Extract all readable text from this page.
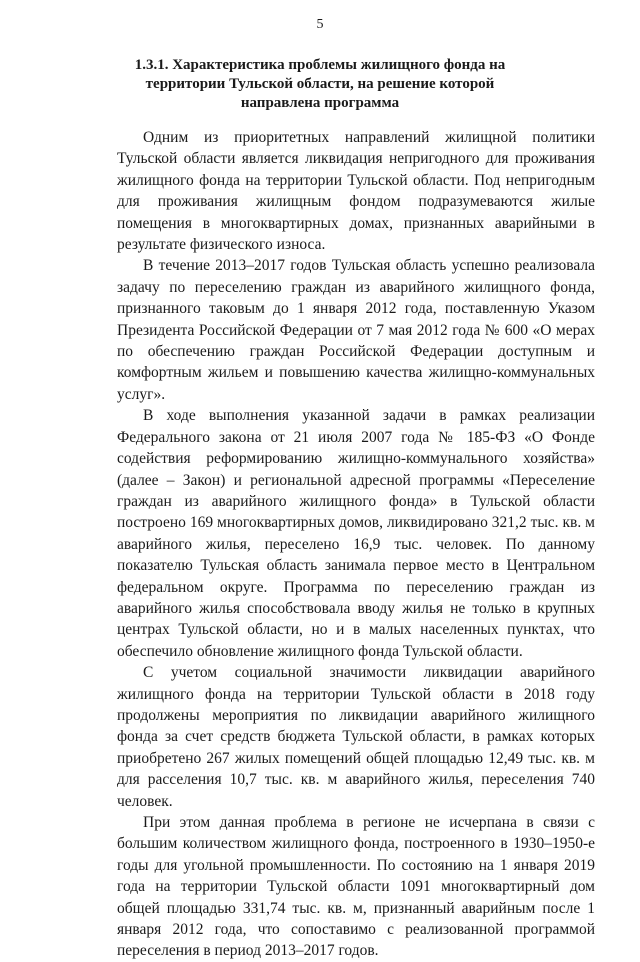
5
1.3.1. Характеристика проблемы жилищного фонда на территории Тульской области, на решение которой направлена программа

Одним из приоритетных направлений жилищной политики Тульской области является ликвидация непригодного для проживания жилищного фонда на территории Тульской области. Под непригодным для проживания жилищным фондом подразумеваются жилые помещения в многоквартирных домах, признанных аварийными в результате физического износа.

В течение 2013–2017 годов Тульская область успешно реализовала задачу по переселению граждан из аварийного жилищного фонда, признанного таковым до 1 января 2012 года, поставленную Указом Президента Российской Федерации от 7 мая 2012 года № 600 «О мерах по обеспечению граждан Российской Федерации доступным и комфортным жильем и повышению качества жилищно-коммунальных услуг».

В ходе выполнения указанной задачи в рамках реализации Федерального закона от 21 июля 2007 года № 185-ФЗ «О Фонде содействия реформированию жилищно-коммунального хозяйства» (далее – Закон) и региональной адресной программы «Переселение граждан из аварийного жилищного фонда» в Тульской области построено 169 многоквартирных домов, ликвидировано 321,2 тыс. кв. м аварийного жилья, переселено 16,9 тыс. человек. По данному показателю Тульская область занимала первое место в Центральном федеральном округе. Программа по переселению граждан из аварийного жилья способствовала вводу жилья не только в крупных центрах Тульской области, но и в малых населенных пунктах, что обеспечило обновление жилищного фонда Тульской области.

С учетом социальной значимости ликвидации аварийного жилищного фонда на территории Тульской области в 2018 году продолжены мероприятия по ликвидации аварийного жилищного фонда за счет средств бюджета Тульской области, в рамках которых приобретено 267 жилых помещений общей площадью 12,49 тыс. кв. м для расселения 10,7 тыс. кв. м аварийного жилья, переселения 740 человек.

При этом данная проблема в регионе не исчерпана в связи с большим количеством жилищного фонда, построенного в 1930–1950-е годы для угольной промышленности. По состоянию на 1 января 2019 года на территории Тульской области 1091 многоквартирный дом общей площадью 331,74 тыс. кв. м, признанный аварийным после 1 января 2012 года, что сопоставимо с реализованной программой переселения в период 2013–2017 годов.
